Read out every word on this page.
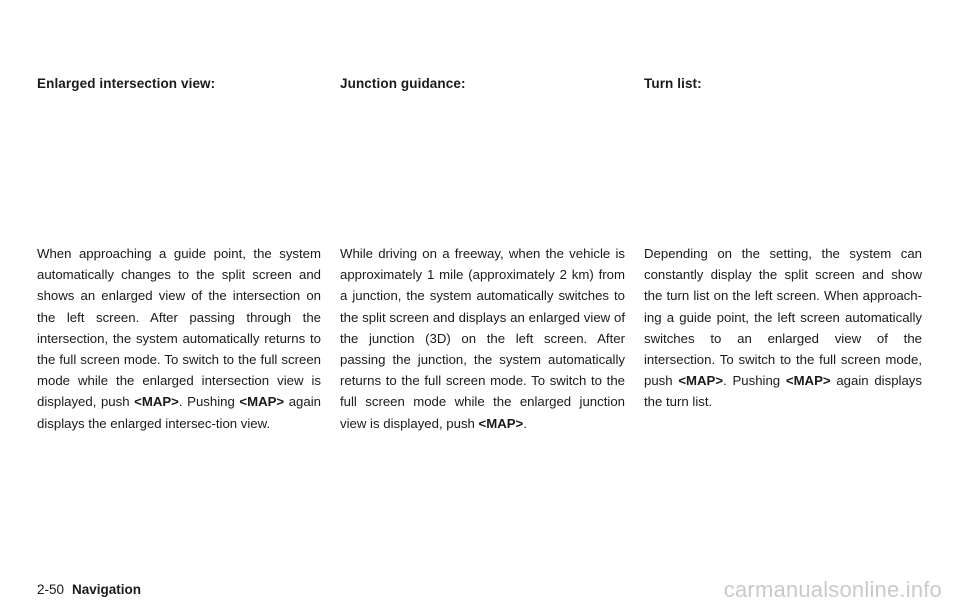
Enlarged intersection view:	Junction guidance:	Turn list:

When approaching a guide point, the system automatically changes to the split screen and shows an enlarged view of the intersection on the left screen. After passing through the intersection, the system automatically returns to the full screen mode. To switch to the full screen mode while the enlarged intersection view is displayed, push <MAP>. Pushing <MAP> again displays the enlarged intersec-tion view.

While driving on a freeway, when the vehicle is approximately 1 mile (approximately 2 km) from a junction, the system automatically switches to the split screen and displays an enlarged view of the junction (3D) on the left screen. After passing the junction, the system automatically returns to the full screen mode. To switch to the full screen mode while the enlarged junction view is displayed, push <MAP>.

Depending on the setting, the system can constantly display the split screen and show the turn list on the left screen. When approach-ing a guide point, the left screen automatically switches to an enlarged view of the intersection. To switch to the full screen mode, push <MAP>. Pushing <MAP> again displays the turn list.

2-50 Navigation	carmanualsonline.info
